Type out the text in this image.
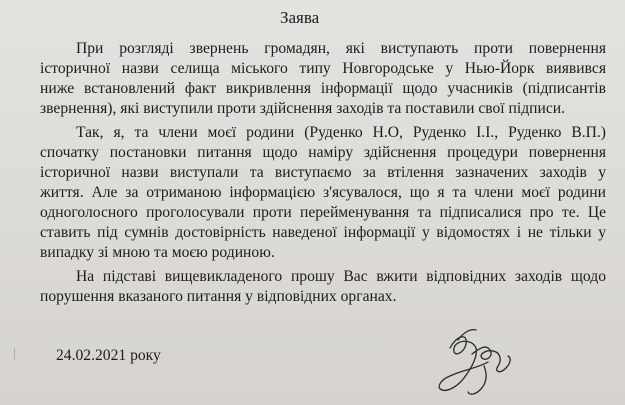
Заява
При розгляді звернень громадян, які виступають проти повернення
історичної назви селища міського типу Новгородське у Нью-Йорк виявився
ниже встановлений факт викривлення інформації щодо учасників (підписантів
звернення), які виступили проти здійснення заходів та поставили свої підписи.
Так, я, та члени моєї родини (Руденко Н.О, Руденко І.І., Руденко В.П.)
спочатку постановки питання щодо наміру здійснення процедури повернення
історичної назви виступали та виступаємо за втілення зазначених заходів у
життя. Але за отриманою інформацією з'ясувалося, що я та члени моєї родини
одноголосного проголосували проти перейменування та підписалися про те. Це
ставить під сумнів достовірність наведеної інформації у відомостях і не тільки у
випадку зі мною та моєю родиною.
На підставі вищевикладеного прошу Вас вжити відповідних заходів щодо
порушення вказаного питання у відповідних органах.
24.02.2021 року
